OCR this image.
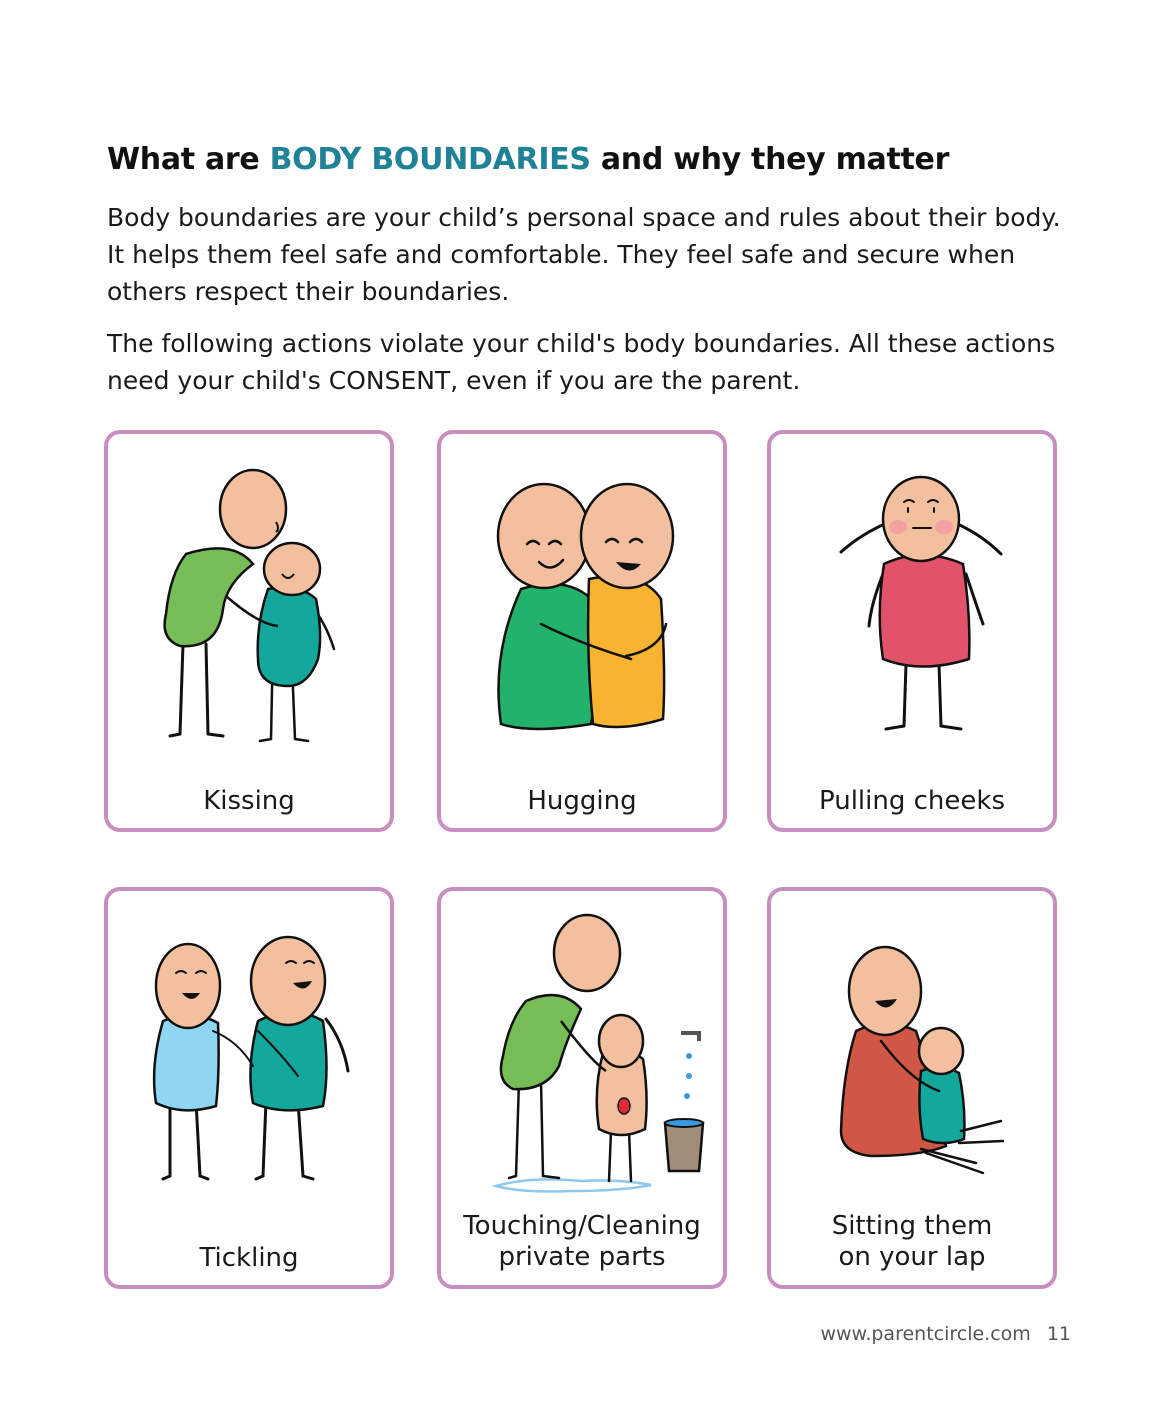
What are BODY BOUNDARIES and why they matter

Body boundaries are your child’s personal space and rules about their body. It helps them feel safe and comfortable. They feel safe and secure when others respect their boundaries.

The following actions violate your child's body boundaries. All these actions need your child's CONSENT, even if you are the parent.

Kissing	Hugging	Pulling cheeks
Tickling
Touching/Cleaning
private parts
Sitting them
on your lap
www.parentcircle.com 11
